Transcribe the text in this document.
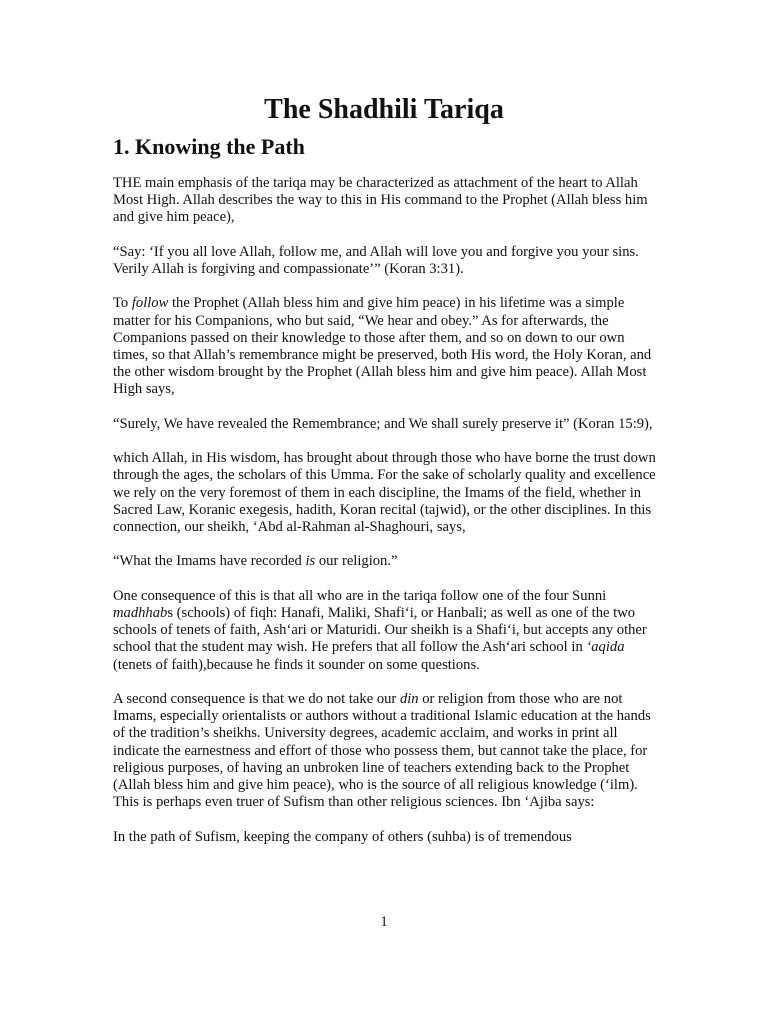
The Shadhili Tariqa
1. Knowing the Path

THE main emphasis of the tariqa may be characterized as attachment of the heart to Allah Most High. Allah describes the way to this in His command to the Prophet (Allah bless him and give him peace),

“Say: ‘If you all love Allah, follow me, and Allah will love you and forgive you your sins. Verily Allah is forgiving and compassionate’” (Koran 3:31).

To follow the Prophet (Allah bless him and give him peace) in his lifetime was a simple matter for his Companions, who but said, “We hear and obey.” As for afterwards, the Companions passed on their knowledge to those after them, and so on down to our own times, so that Allah’s remembrance might be preserved, both His word, the Holy Koran, and the other wisdom brought by the Prophet (Allah bless him and give him peace). Allah Most High says,

“Surely, We have revealed the Remembrance; and We shall surely preserve it” (Koran 15:9),

which Allah, in His wisdom, has brought about through those who have borne the trust down through the ages, the scholars of this Umma. For the sake of scholarly quality and excellence we rely on the very foremost of them in each discipline, the Imams of the field, whether in Sacred Law, Koranic exegesis, hadith, Koran recital (tajwid), or the other disciplines. In this connection, our sheikh, ‘Abd al-Rahman al-Shaghouri, says,

“What the Imams have recorded is our religion.”

One consequence of this is that all who are in the tariqa follow one of the four Sunni madhhabs (schools) of fiqh: Hanafi, Maliki, Shafi‘i, or Hanbali; as well as one of the two schools of tenets of faith, Ash‘ari or Maturidi. Our sheikh is a Shafi‘i, but accepts any other school that the student may wish. He prefers that all follow the Ash‘ari school in ‘aqida (tenets of faith),because he finds it sounder on some questions.

A second consequence is that we do not take our din or religion from those who are not Imams, especially orientalists or authors without a traditional Islamic education at the hands of the tradition’s sheikhs. University degrees, academic acclaim, and works in print all indicate the earnestness and effort of those who possess them, but cannot take the place, for religious purposes, of having an unbroken line of teachers extending back to the Prophet (Allah bless him and give him peace), who is the source of all religious knowledge (‘ilm). This is perhaps even truer of Sufism than other religious sciences. Ibn ‘Ajiba says:

In the path of Sufism, keeping the company of others (suhba) is of tremendous

1
